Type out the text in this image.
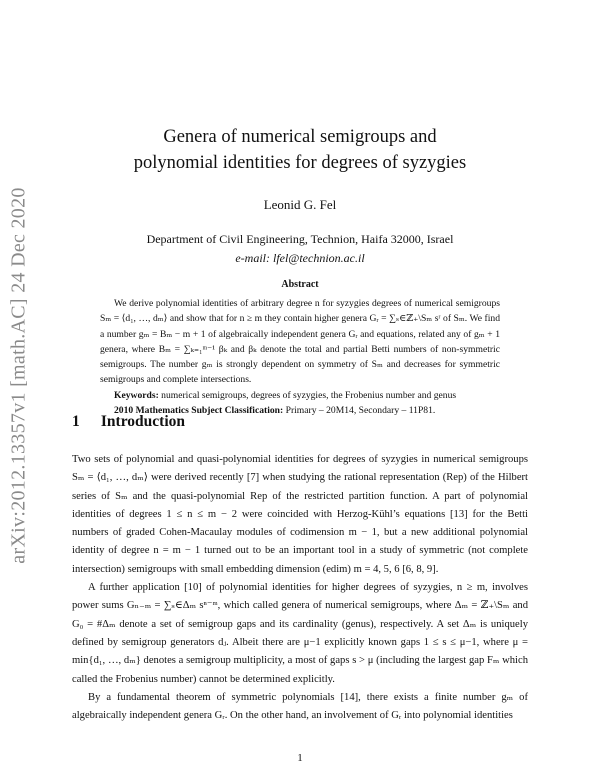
arXiv:2012.13357v1 [math.AC] 24 Dec 2020
Genera of numerical semigroups and
polynomial identities for degrees of syzygies
Leonid G. Fel
Department of Civil Engineering, Technion, Haifa 32000, Israel
e-mail: lfel@technion.ac.il
Abstract

We derive polynomial identities of arbitrary degree n for syzygies degrees of numerical semigroups Sₘ = ⟨d₁, …, dₘ⟩ and show that for n ≥ m they contain higher genera Gᵣ = ∑ₛ∈ℤ₊\Sₘ sʳ of Sₘ. We find a number gₘ = Bₘ − m + 1 of algebraically independent genera Gᵣ and equations, related any of gₘ + 1 genera, where Bₘ = ∑ₖ₌₁ᵐ⁻¹ βₖ and βₖ denote the total and partial Betti numbers of non-symmetric semigroups. The number gₘ is strongly dependent on symmetry of Sₘ and decreases for symmetric semigroups and complete intersections.

Keywords: numerical semigroups, degrees of syzygies, the Frobenius number and genus

2010 Mathematics Subject Classification: Primary – 20M14, Secondary – 11P81.

1 Introduction

Two sets of polynomial and quasi-polynomial identities for degrees of syzygies in numerical semigroups Sₘ = ⟨d₁, …, dₘ⟩ were derived recently [7] when studying the rational representation (Rep) of the Hilbert series of Sₘ and the quasi-polynomial Rep of the restricted partition function. A part of polynomial identities of degrees 1 ≤ n ≤ m − 2 were coincided with Herzog-Kühl’s equations [13] for the Betti numbers of graded Cohen-Macaulay modules of codimension m − 1, but a new additional polynomial identity of degree n = m − 1 turned out to be an important tool in a study of symmetric (not complete intersection) semigroups with small embedding dimension (edim) m = 4, 5, 6 [6, 8, 9].

A further application [10] of polynomial identities for higher degrees of syzygies, n ≥ m, involves power sums Gₙ₋ₘ = ∑ₛ∈Δₘ sⁿ⁻ᵐ, which called genera of numerical semigroups, where Δₘ = ℤ₊\Sₘ and G₀ = #Δₘ denote a set of semigroup gaps and its cardinality (genus), respectively. A set Δₘ is uniquely defined by semigroup generators dⱼ. Albeit there are μ−1 explicitly known gaps 1 ≤ s ≤ μ−1, where μ = min{d₁, …, dₘ} denotes a semigroup multiplicity, a most of gaps s > μ (including the largest gap Fₘ which called the Frobenius number) cannot be determined explicitly.

By a fundamental theorem of symmetric polynomials [14], there exists a finite number gₘ of algebraically independent genera Gᵣ. On the other hand, an involvement of Gᵣ into polynomial identities

1
